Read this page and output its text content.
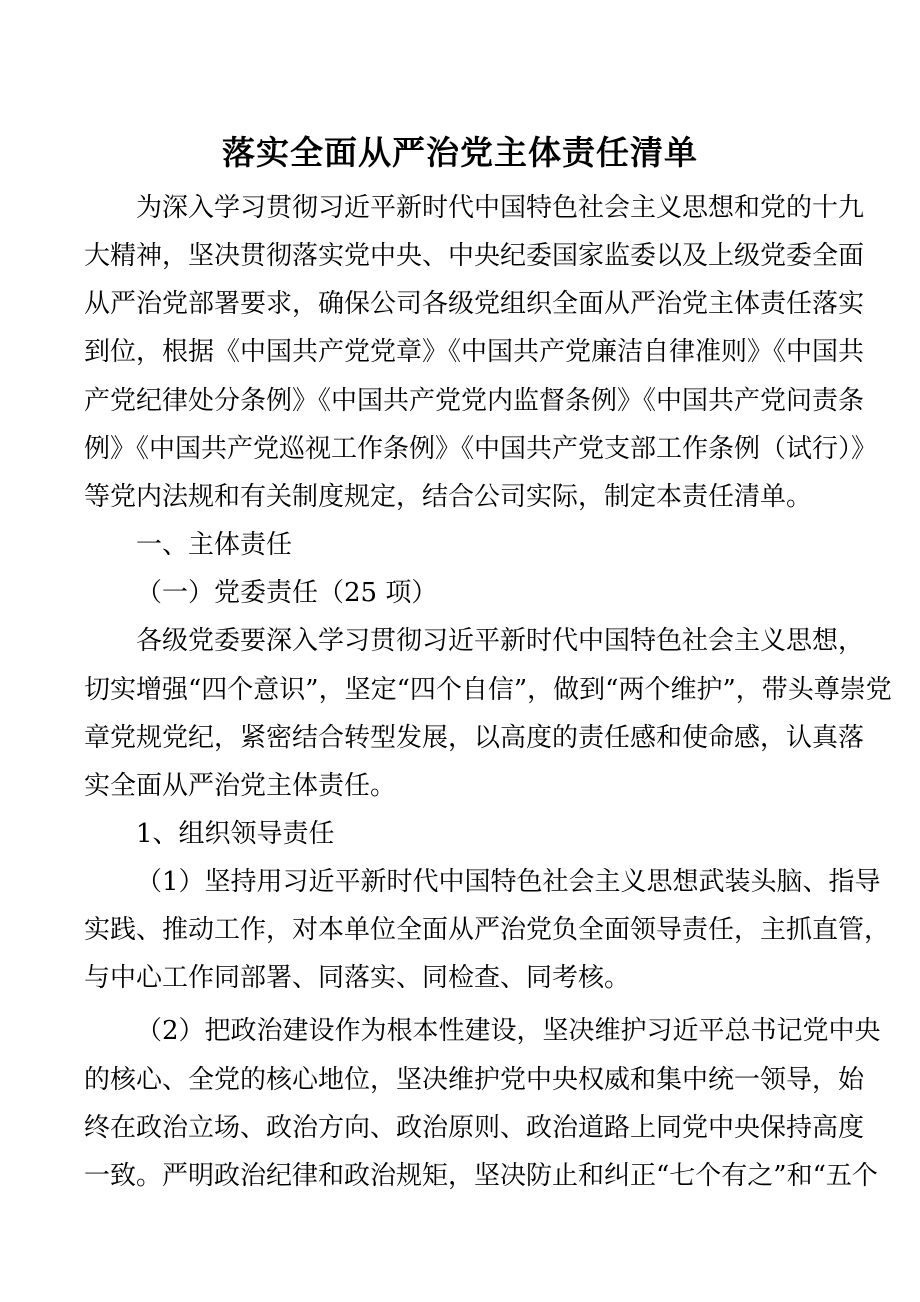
落实全面从严治党主体责任清单
为深入学习贯彻习近平新时代中国特色社会主义思想和党的十九
大精神，坚决贯彻落实党中央、中央纪委国家监委以及上级党委全面
从严治党部署要求，确保公司各级党组织全面从严治党主体责任落实
到位，根据《中国共产党党章》《中国共产党廉洁自律准则》《中国共
产党纪律处分条例》《中国共产党党内监督条例》《中国共产党问责条
例》《中国共产党巡视工作条例》《中国共产党支部工作条例（试行）》
等党内法规和有关制度规定，结合公司实际，制定本责任清单。
一、主体责任
（一）党委责任（25 项）
各级党委要深入学习贯彻习近平新时代中国特色社会主义思想，
切实增强“四个意识”，坚定“四个自信”，做到“两个维护”，带头尊崇党
章党规党纪，紧密结合转型发展，以高度的责任感和使命感，认真落
实全面从严治党主体责任。
1、组织领导责任
（1）坚持用习近平新时代中国特色社会主义思想武装头脑、指导
实践、推动工作，对本单位全面从严治党负全面领导责任，主抓直管，
与中心工作同部署、同落实、同检查、同考核。
（2）把政治建设作为根本性建设，坚决维护习近平总书记党中央
的核心、全党的核心地位，坚决维护党中央权威和集中统一领导，始
终在政治立场、政治方向、政治原则、政治道路上同党中央保持高度
一致。严明政治纪律和政治规矩，坚决防止和纠正“七个有之”和“五个
